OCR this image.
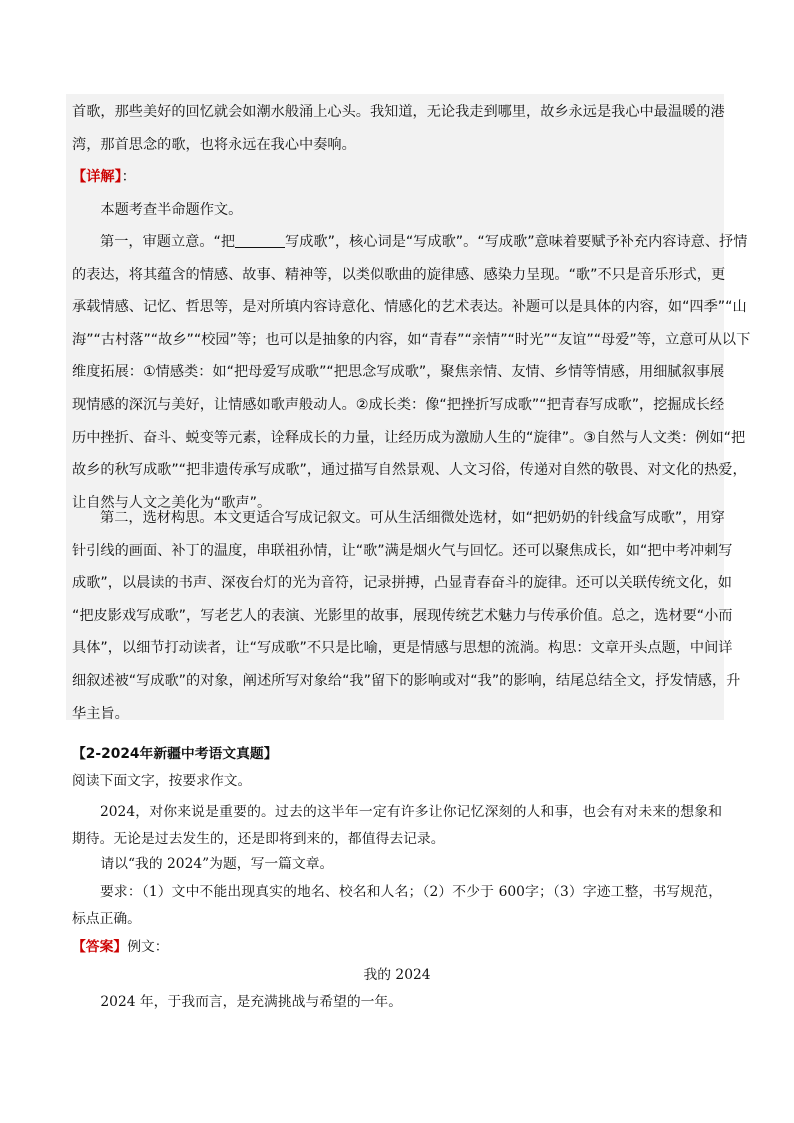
首歌，那些美好的回忆就会如潮水般涌上心头。我知道，无论我走到哪里，故乡永远是我心中最温暖的港
湾，那首思念的歌，也将永远在我心中奏响。
【详解】：
本题考查半命题作文。
第一，审题立意。“把	写成歌”，核心词是“写成歌”。“写成歌”意味着要赋予补充内容诗意、抒情
的表达，将其蕴含的情感、故事、精神等，以类似歌曲的旋律感、感染力呈现。“歌”不只是音乐形式，更
承载情感、记忆、哲思等，是对所填内容诗意化、情感化的艺术表达。补题可以是具体的内容，如“四季”“山
海”“古村落”“故乡”“校园”等；也可以是抽象的内容，如“青春”“亲情”“时光”“友谊”“母爱”等，立意可从以下
维度拓展：①情感类：如“把母爱写成歌”“把思念写成歌”，聚焦亲情、友情、乡情等情感，用细腻叙事展
现情感的深沉与美好，让情感如歌声般动人。②成长类：像“把挫折写成歌”“把青春写成歌”，挖掘成长经
历中挫折、奋斗、蜕变等元素，诠释成长的力量，让经历成为激励人生的“旋律”。③自然与人文类：例如“把
故乡的秋写成歌”“把非遗传承写成歌”，通过描写自然景观、人文习俗，传递对自然的敬畏、对文化的热爱，
让自然与人文之美化为“歌声”。
第二，选材构思。本文更适合写成记叙文。可从生活细微处选材，如“把奶奶的针线盒写成歌”，用穿
针引线的画面、补丁的温度，串联祖孙情，让“歌”满是烟火气与回忆。还可以聚焦成长，如“把中考冲刺写
成歌”，以晨读的书声、深夜台灯的光为音符，记录拼搏，凸显青春奋斗的旋律。还可以关联传统文化，如
“把皮影戏写成歌”，写老艺人的表演、光影里的故事，展现传统艺术魅力与传承价值。总之，选材要“小而
具体”，以细节打动读者，让“写成歌”不只是比喻，更是情感与思想的流淌。构思：文章开头点题，中间详
细叙述被“写成歌”的对象，阐述所写对象给“我”留下的影响或对“我”的影响，结尾总结全文，抒发情感，升
华主旨。
【2-2024年新疆中考语文真题】
阅读下面文字，按要求作文。
2024，对你来说是重要的。过去的这半年一定有许多让你记忆深刻的人和事，也会有对未来的想象和
期待。无论是过去发生的，还是即将到来的，都值得去记录。
请以“我的 2024”为题，写一篇文章。
要求：（1）文中不能出现真实的地名、校名和人名；（2）不少于 600字；（3）字迹工整，书写规范，
标点正确。
【答案】例文：
我的 2024
2024 年，于我而言，是充满挑战与希望的一年。
